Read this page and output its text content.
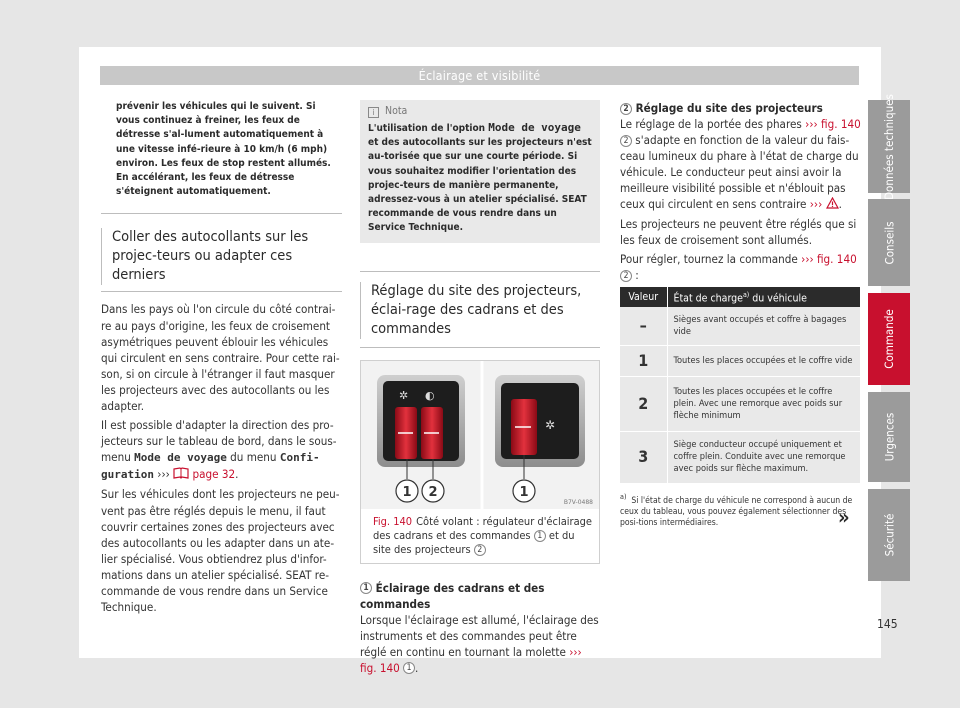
Éclairage et visibilité
prévenir les véhicules qui le suivent. Si vous continuez à freiner, les feux de détresse s'al-lument automatiquement à une vitesse infé-rieure à 10 km/h (6 mph) environ. Les feux de stop restent allumés. En accélérant, les feux de détresse s'éteignent automatiquement.
Coller des autocollants sur les projec-teurs ou adapter ces derniers

Dans les pays où l'on circule du côté contrai-re au pays d'origine, les feux de croisement asymétriques peuvent éblouir les véhicules qui circulent en sens contraire. Pour cette rai-son, si on circule à l'étranger il faut masquer les projecteurs avec des autocollants ou les adapter.

Il est possible d'adapter la direction des pro-jecteurs sur le tableau de bord, dans le sous-menu Mode de voyage du menu Confi-guration ››› page 32.

Sur les véhicules dont les projecteurs ne peu-vent pas être réglés depuis le menu, il faut couvrir certaines zones des projecteurs avec des autocollants ou les adapter dans un ate-lier spécialisé. Vous obtiendrez plus d'infor-mations dans un atelier spécialisé. SEAT re-commande de vous rendre dans un Service Technique.

i Nota
L'utilisation de l'option Mode de voyage et des autocollants sur les projecteurs n'est au-torisée que sur une courte période. Si vous souhaitez modifier l'orientation des projec-teurs de manière permanente, adressez-vous à un atelier spécialisé. SEAT recommande de vous rendre dans un Service Technique.
Réglage du site des projecteurs, éclai-rage des cadrans et des commandes
✲ ◐
✲
1 2	1
B7V-0488
Fig. 140 Côté volant : régulateur d'éclairage des cadrans et des commandes 1 et du site des projecteurs 2
1 Éclairage des cadrans et des commandes

Lorsque l'éclairage est allumé, l'éclairage des instruments et des commandes peut être réglé en continu en tournant la molette ››› fig. 140 1 .

2 Réglage du site des projecteurs

Le réglage de la portée des phares ››› fig. 140 2 s'adapte en fonction de la valeur du fais-ceau lumineux du phare à l'état de charge du véhicule. Le conducteur peut ainsi avoir la meilleure visibilité possible et n'éblouit pas ceux qui circulent en sens contraire ››› .

Les projecteurs ne peuvent être réglés que si les feux de croisement sont allumés.

Pour régler, tournez la commande ››› fig. 140 2 :

Valeur	État de charge$^{a)}$ du véhicule
–	Sièges avant occupés et coffre à bagages vide
1	Toutes les places occupées et le coffre vide
2	Toutes les places occupées et le coffre plein. Avec une remorque avec poids sur flèche minimum
3	Siège conducteur occupé uniquement et coffre plein. Conduite avec une remorque avec poids sur flèche maximum.
$^{a)}$ Si l'état de charge du véhicule ne correspond à aucun de ceux du tableau, vous pouvez également sélectionner des posi-tions intermédiaires.	»
Données techniques
Conseils
Commande
Urgences
Sécurité
145
